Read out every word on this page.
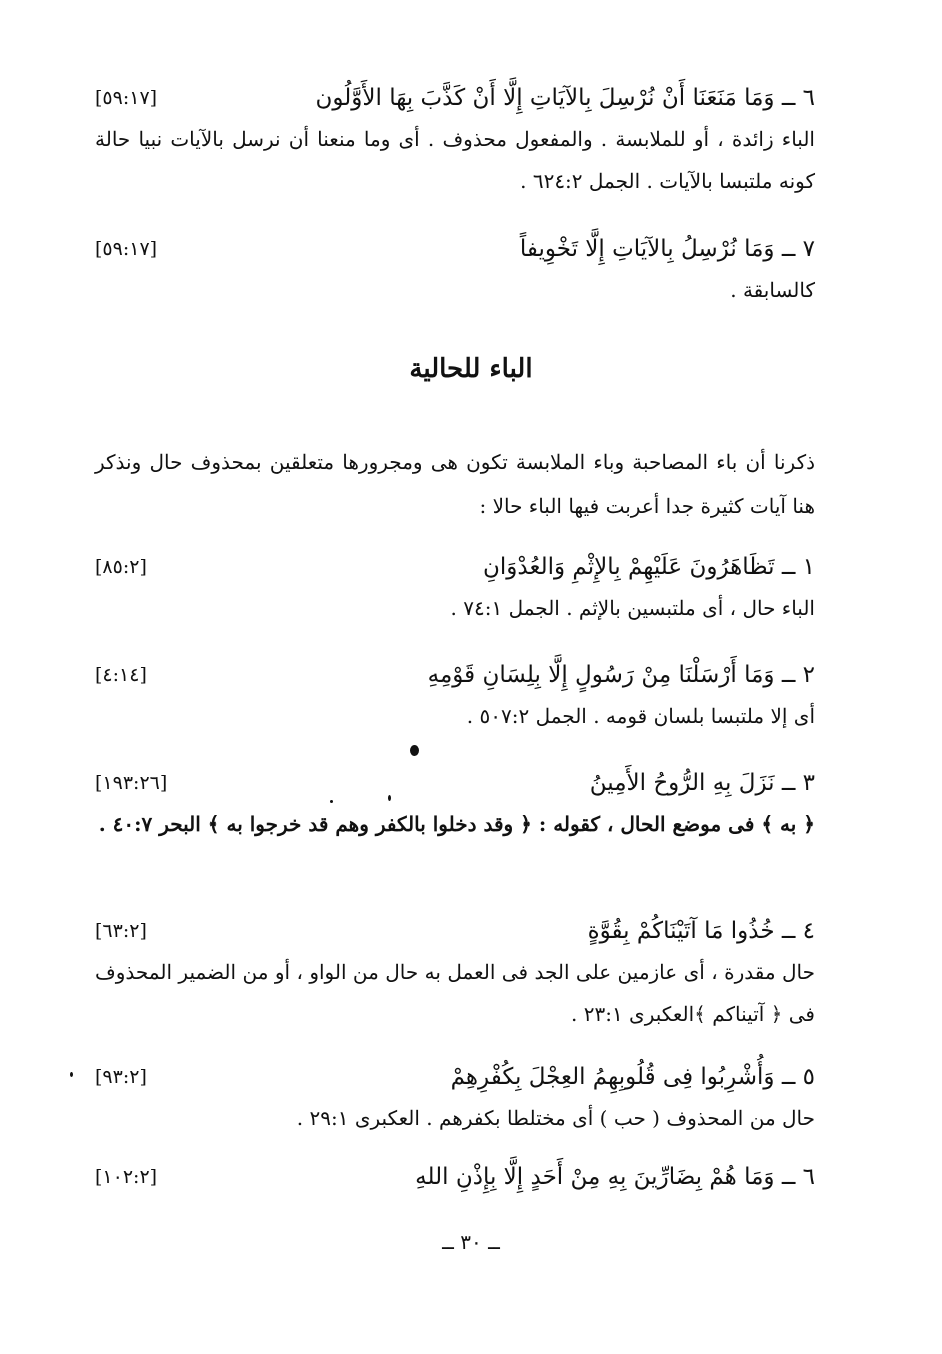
٦ ــ وَمَا مَنَعَنَا أَنْ نُرْسِلَ بِالآيَاتِ إِلَّا أَنْ كَذَّبَ بِهَا الأَوَّلُون
[٥٩:١٧]
الباء زائدة ، أو للملابسة . والمفعول محذوف . أى وما منعنا أن نرسل بالآيات نبيا حالة كونه ملتبسا بالآيات . الجمل ٦٢٤:٢ .
٧ ــ وَمَا نُرْسِلُ بِالآيَاتِ إِلَّا تَخْوِيفاً
[٥٩:١٧]
كالسابقة .
الباء للحالية
ذكرنا أن باء المصاحبة وباء الملابسة تكون هى ومجرورها متعلقين بمحذوف حال ونذكر هنا آيات كثيرة جدا أعربت فيها الباء حالا :
١ ــ تَظَاهَرُونَ عَلَيْهِمْ بِالإِثْمِ وَالعُدْوَانِ
[٨٥:٢]
الباء حال ، أى ملتبسين بالإثم . الجمل ٧٤:١ .
٢ ــ وَمَا أَرْسَلْنَا مِنْ رَسُولٍ إِلَّا بِلِسَانِ قَوْمِهِ
[٤:١٤]
أى إلا ملتبسا بلسان قومه . الجمل ٥٠٧:٢ .
٣ ــ نَزَلَ بِهِ الرُّوحُ الأَمِينُ
[١٩٣:٢٦]
﴿ به ﴾ فى موضع الحال ، كقوله : ﴿ وقد دخلوا بالكفر وهم قد خرجوا به ﴾ البحر ٤٠:٧ .
٤ ــ خُذُوا مَا آتَيْنَاكُمْ بِقُوَّةٍ
[٦٣:٢]
حال مقدرة ، أى عازمين على الجد فى العمل به حال من الواو ، أو من الضمير المحذوف فى ﴿ آتيناكم ﴾العكبرى ٢٣:١ .
٥ ــ وَأُشْرِبُوا فِى قُلُوبِهِمُ العِجْلَ بِكُفْرِهِمْ
[٩٣:٢]
حال من المحذوف ( حب ) أى مختلطا بكفرهم . العكبرى ٢٩:١ .
٦ ــ وَمَا هُمْ بِضَارِّينَ بِهِ مِنْ أَحَدٍ إِلَّا بِإِذْنِ اللهِ
[١٠٢:٢]
ــ ٣٠ ــ
